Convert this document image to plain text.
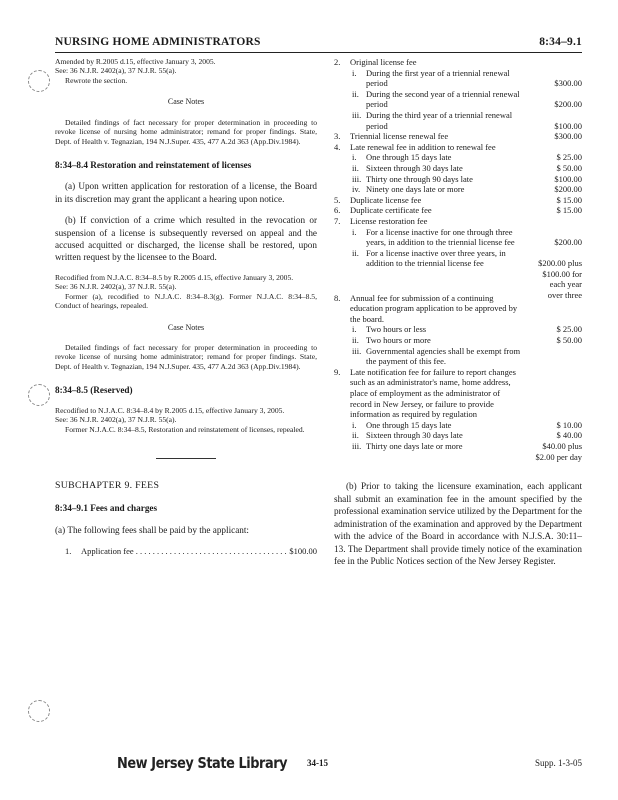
NURSING HOME ADMINISTRATORS	8:34–9.1
Amended by R.2005 d.15, effective January 3, 2005.
See: 36 N.J.R. 2402(a), 37 N.J.R. 55(a).
Rewrote the section.
Case Notes
Detailed findings of fact necessary for proper determination in proceeding to revoke license of nursing home administrator; remand for proper findings. State, Dept. of Health v. Tegnazian, 194 N.J.Super. 435, 477 A.2d 363 (App.Div.1984).
8:34–8.4 Restoration and reinstatement of licenses
(a) Upon written application for restoration of a license, the Board in its discretion may grant the applicant a hearing upon notice.
(b) If conviction of a crime which resulted in the revocation or suspension of a license is subsequently reversed on appeal and the accused acquitted or discharged, the license shall be restored, upon written request by the licensee to the Board.
Recodified from N.J.A.C. 8:34–8.5 by R.2005 d.15, effective January 3, 2005.
See: 36 N.J.R. 2402(a), 37 N.J.R. 55(a).
Former (a), recodified to N.J.A.C. 8:34–8.3(g). Former N.J.A.C. 8:34–8.5, Conduct of hearings, repealed.
Case Notes
Detailed findings of fact necessary for proper determination in proceeding to revoke license of nursing home administrator; remand for proper findings. State, Dept. of Health v. Tegnazian, 194 N.J.Super. 435, 477 A.2d 363 (App.Div.1984).
8:34–8.5 (Reserved)
Recodified to N.J.A.C. 8:34–8.4 by R.2005 d.15, effective January 3, 2005.
See: 36 N.J.R. 2402(a), 37 N.J.R. 55(a).
Former N.J.A.C. 8:34–8.5, Restoration and reinstatement of licenses, repealed.
SUBCHAPTER 9. FEES
8:34–9.1 Fees and charges
(a) The following fees shall be paid by the applicant:
1. Application fee . . .	$100.00
2. Original license fee
i. During the first year of a triennial renewal period	$300.00
ii. During the second year of a triennial renewal period	$200.00
iii. During the third year of a triennial renewal period	$100.00
3. Triennial license renewal fee	$300.00
4. Late renewal fee in addition to renewal fee
i. One through 15 days late	$ 25.00
ii. Sixteen through 30 days late	$ 50.00
iii. Thirty one through 90 days late	$100.00
iv. Ninety one days late or more	$200.00
5. Duplicate license fee	$ 15.00
6. Duplicate certificate fee	$ 15.00
7. License restoration fee
i. For a license inactive for one through three years, in addition to the triennial license fee	$200.00
ii. For a license inactive over three years, in addition to the triennial license fee	$200.00 plus
$100.00 for
each year
over three
8. Annual fee for submission of a continuing education program application to be approved by the board.
i. Two hours or less	$ 25.00
ii. Two hours or more	$ 50.00
iii. Governmental agencies shall be exempt from the payment of this fee.
9. Late notification fee for failure to report changes such as an administrator's name, home address, place of employment as the administrator of record in New Jersey, or failure to provide information as required by regulation
i. One through 15 days late	$ 10.00
ii. Sixteen through 30 days late	$ 40.00
iii. Thirty one days late or more	$40.00 plus
$2.00 per day
(b) Prior to taking the licensure examination, each applicant shall submit an examination fee in the amount specified by the professional examination service utilized by the Department for the administration of the examination and approved by the Department with the advice of the Board in accordance with N.J.S.A. 30:11–13. The Department shall provide timely notice of the examination fee in the Public Notices section of the New Jersey Register.
New Jersey State Library 34-15	Supp. 1-3-05
